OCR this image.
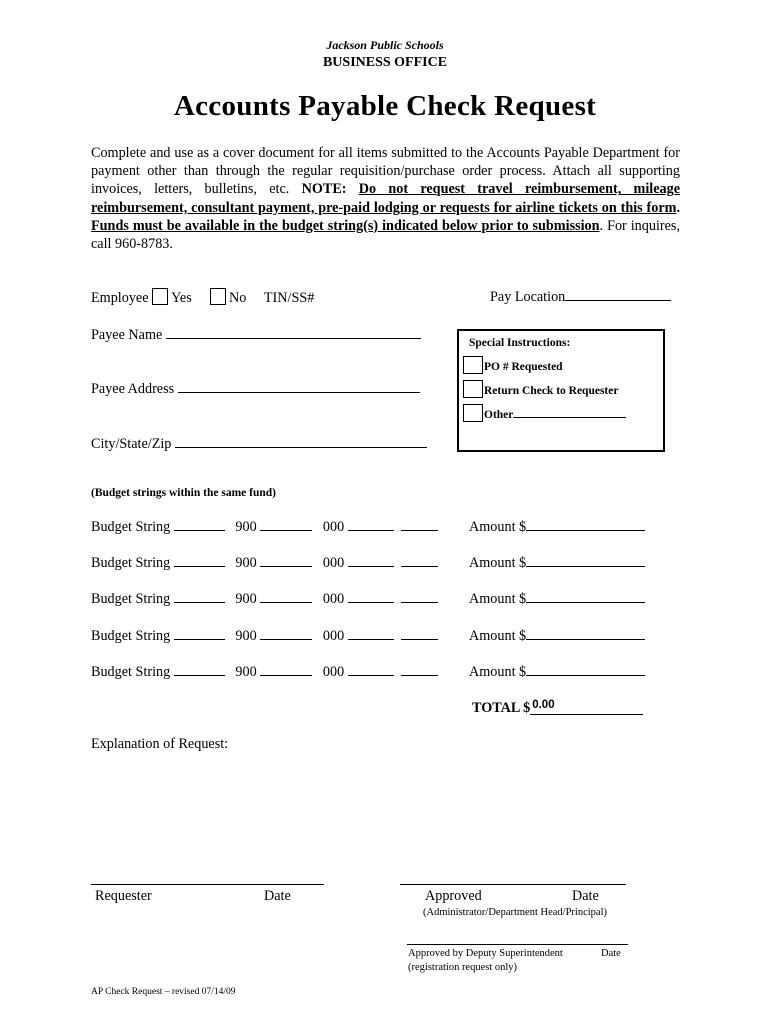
Jackson Public Schools
BUSINESS OFFICE
Accounts Payable Check Request
Complete and use as a cover document for all items submitted to the Accounts Payable Department for payment other than through the regular requisition/purchase order process. Attach all supporting invoices, letters, bulletins, etc. NOTE: Do not request travel reimbursement, mileage reimbursement, consultant payment, pre-paid lodging or requests for airline tickets on this form. Funds must be available in the budget string(s) indicated below prior to submission. For inquires, call 960-8783.
Employee Yes	No TIN/SS#	Pay Location
Payee Name
Payee Address
City/State/Zip
Special Instructions:
PO # Requested
Return Check to Requester
Other
(Budget strings within the same fund)
Budget String	900	000	Amount $
Budget String	900	000	Amount $
Budget String	900	000	Amount $
Budget String	900	000	Amount $
Budget String	900	000	Amount $
TOTAL $ 0.00
Explanation of Request:
Requester	Date	Approved	Date
(Administrator/Department Head/Principal)
Approved by Deputy Superintendent	Date
(registration request only)
AP Check Request – revised 07/14/09
